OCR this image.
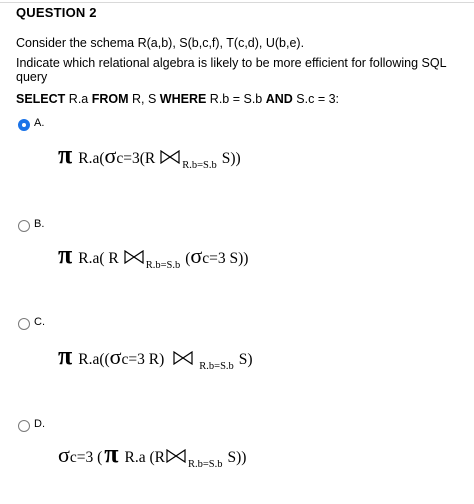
QUESTION 2
Consider the schema R(a,b), S(b,c,f), T(c,d), U(b,e).
Indicate which relational algebra is likely to be more efficient for following SQL query
SELECT R.a FROM R, S WHERE R.b = S.b AND S.c = 3:
A.
π R.a( σ c=3(R	R.b=S.b S))
B.
π R.a( R	R.b=S.b ( σ c=3 S))
C.
π R.a(( σ c=3 R)	R.b=S.b S)
D.
σ c=3 ( π R.a (R R.b=S.b S))
